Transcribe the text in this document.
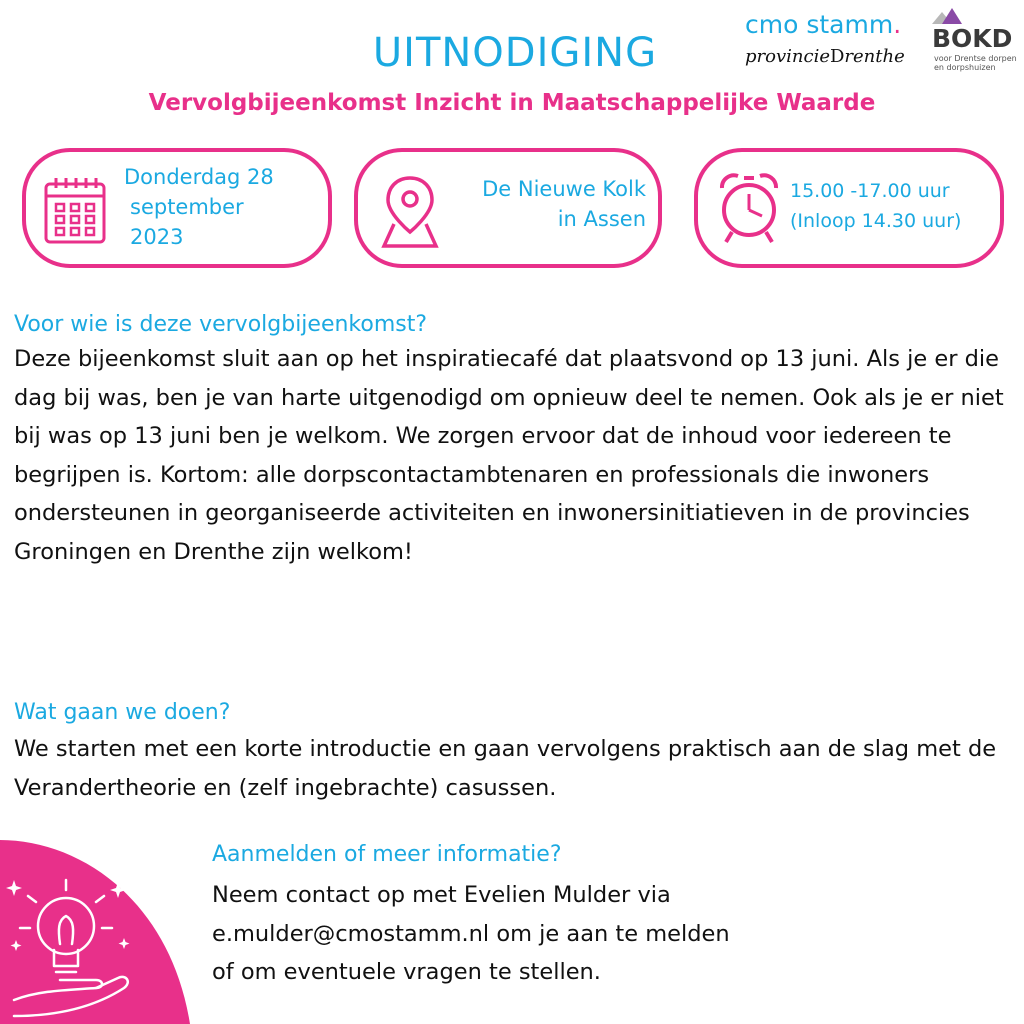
UITNODIGING
Vervolgbijeenkomst Inzicht in Maatschappelijke Waarde
cmo stamm.
provincieDrenthe
BOKD
voor Drentse dorpen en dorpshuizen
Donderdag 28
september
2023
De Nieuwe Kolk
in Assen
15.00 -17.00 uur
(Inloop 14.30 uur)
Voor wie is deze vervolgbijeenkomst?

Deze bijeenkomst sluit aan op het inspiratiecafé dat plaatsvond op 13 juni. Als je er die dag bij was, ben je van harte uitgenodigd om opnieuw deel te nemen. Ook als je er niet bij was op 13 juni ben je welkom. We zorgen ervoor dat de inhoud voor iedereen te begrijpen is. Kortom: alle dorpscontactambtenaren en professionals die inwoners ondersteunen in georganiseerde activiteiten en inwonersinitiatieven in de provincies Groningen en Drenthe zijn welkom!

Wat gaan we doen?

We starten met een korte introductie en gaan vervolgens praktisch aan de slag met de Verandertheorie en (zelf ingebrachte) casussen.

Aanmelden of meer informatie?

Neem contact op met Evelien Mulder via
e.mulder@cmostamm.nl om je aan te melden
of om eventuele vragen te stellen.
